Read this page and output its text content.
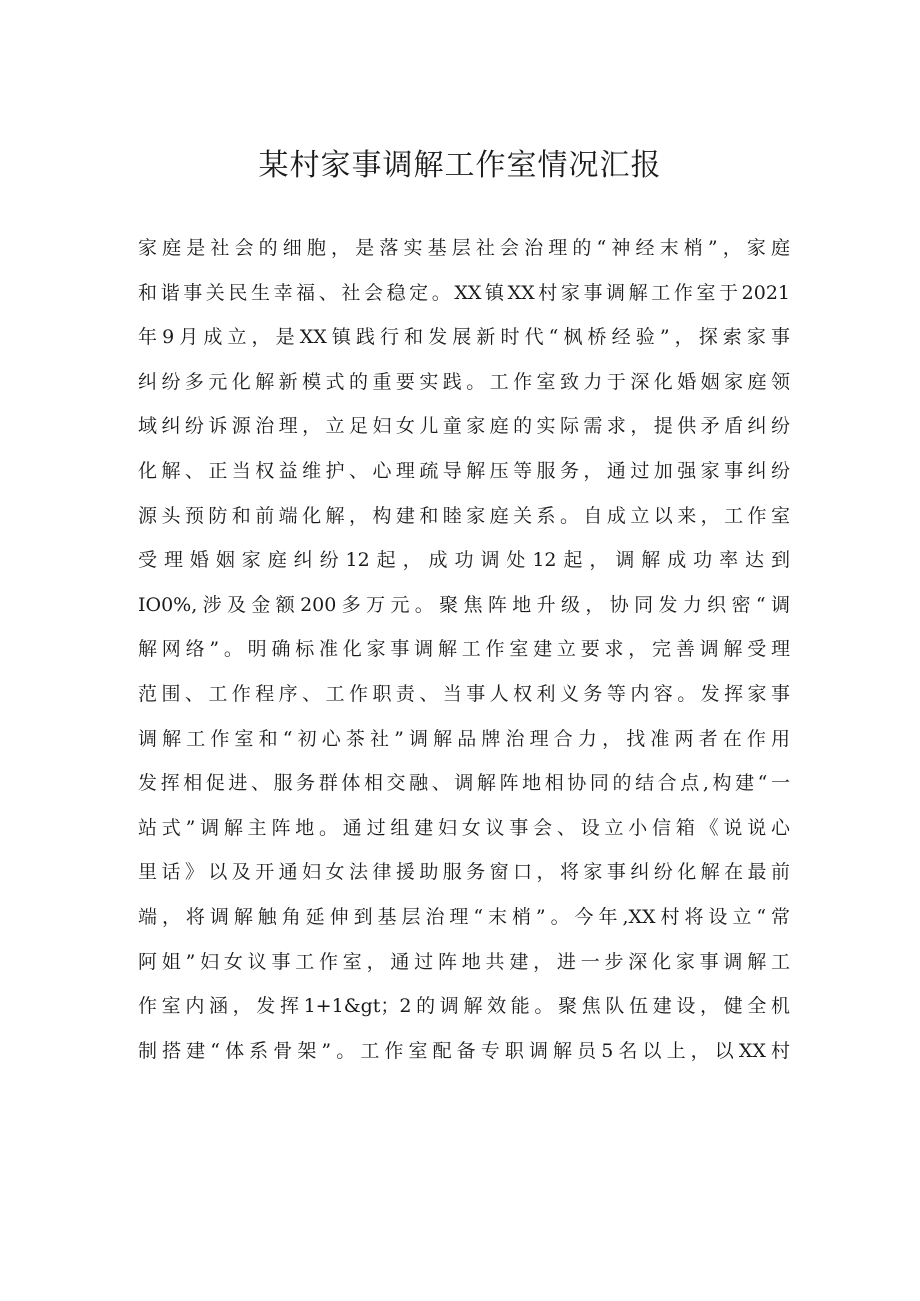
某村家事调解工作室情况汇报
家庭是社会的细胞，是落实基层社会治理的“神经末梢”，家庭
和谐事关民生幸福、社会稳定。XX镇XX村家事调解工作室于2021
年9月成立，是XX镇践行和发展新时代“枫桥经验”，探索家事
纠纷多元化解新模式的重要实践。工作室致力于深化婚姻家庭领
域纠纷诉源治理，立足妇女儿童家庭的实际需求，提供矛盾纠纷
化解、正当权益维护、心理疏导解压等服务，通过加强家事纠纷
源头预防和前端化解，构建和睦家庭关系。自成立以来，工作室
受理婚姻家庭纠纷12起，成功调处12起，调解成功率达到
IO0%,涉及金额200多万元。聚焦阵地升级，协同发力织密“调
解网络”。明确标准化家事调解工作室建立要求，完善调解受理
范围、工作程序、工作职责、当事人权利义务等内容。发挥家事
调解工作室和“初心茶社”调解品牌治理合力，找准两者在作用
发挥相促进、服务群体相交融、调解阵地相协同的结合点,构建“一
站式”调解主阵地。通过组建妇女议事会、设立小信箱《说说心
里话》以及开通妇女法律援助服务窗口，将家事纠纷化解在最前
端，将调解触角延伸到基层治理“末梢”。今年,XX村将设立“常
阿姐”妇女议事工作室，通过阵地共建，进一步深化家事调解工
作室内涵，发挥1+1&gt；2的调解效能。聚焦队伍建设，健全机
制搭建“体系骨架”。工作室配备专职调解员5名以上，以XX村
